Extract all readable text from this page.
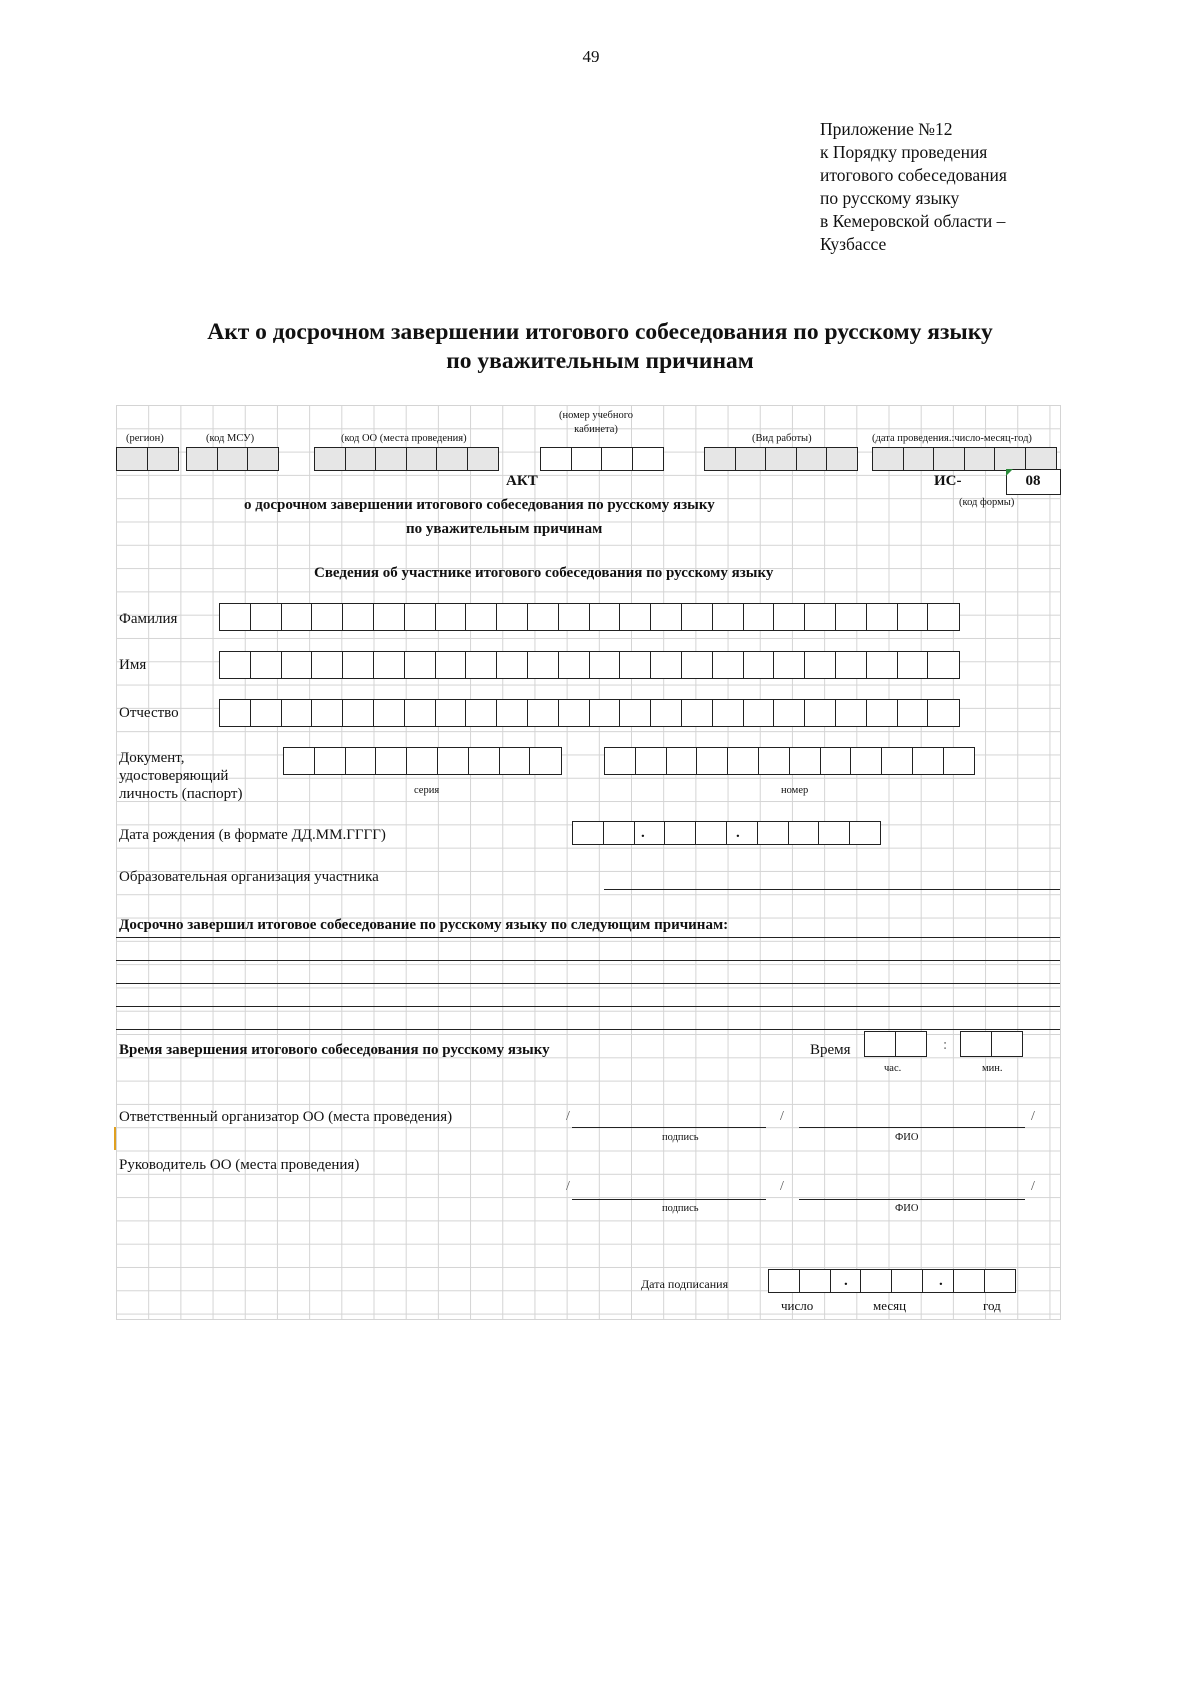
49
Приложение №12
к Порядку проведения
итогового собеседования
по русскому языку
в Кемеровской области –
Кузбассе
Акт о досрочном завершении итогового собеседования по русскому языку
по уважительным причинам
(регион)	(код МСУ)	(код ОО (места проведения)
(номер учебного
кабинета)
(Вид работы)	(дата проведения.:число-месяц-год)
АКТ	ИС-	08
(код формы)
о досрочном завершении итогового собеседования по русскому языку
по уважительным причинам
Сведения об участнике итогового собеседования по русскому языку
Фамилия
Имя
Отчество
Документ,
удостоверяющий
личность (паспорт)	серия	номер
Дата рождения (в формате ДД.ММ.ГГГГ)	.	.
Образовательная организация участника
Досрочно завершил итоговое собеседование по русскому языку по следующим причинам:
Время завершения итогового собеседования по русскому языку	Время	:
час.	мин.
Ответственный организатор ОО (места проведения)	/	/	/
подпись	ФИО
Руководитель ОО (места проведения)
/	/	/
подпись	ФИО
Дата подписания	.	.
число	месяц	год
